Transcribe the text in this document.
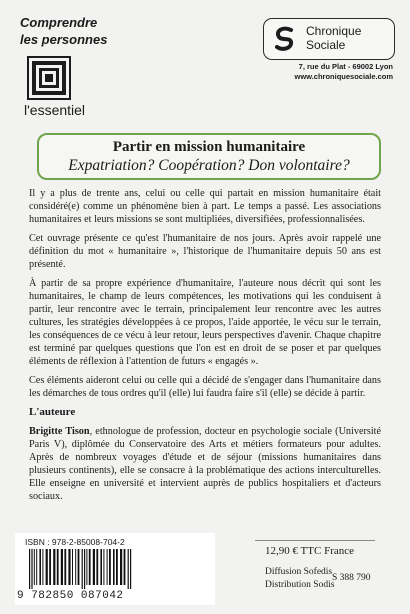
Comprendre
les personnes
l'essentiel
Chronique
Sociale
7, rue du Plat - 69002 Lyon
www.chroniquesociale.com
Partir en mission humanitaire
Expatriation? Coopération? Don volontaire?

Il y a plus de trente ans, celui ou celle qui partait en mission humanitaire était considéré(e) comme un phénomène bien à part. Le temps a passé. Les associations humanitaires et leurs missions se sont multipliées, diversifiées, professionnalisées.

Cet ouvrage présente ce qu'est l'humanitaire de nos jours. Après avoir rappelé une définition du mot « humanitaire », l'historique de l'humanitaire depuis 50 ans est présenté.

À partir de sa propre expérience d'humanitaire, l'auteure nous décrit qui sont les humanitaires, le champ de leurs compétences, les motivations qui les conduisent à partir, leur rencontre avec le terrain, principalement leur rencontre avec les autres cultures, les stratégies développées à ce propos, l'aide apportée, le vécu sur le terrain, les conséquences de ce vécu à leur retour, leurs perspectives d'avenir. Chaque chapitre est terminé par quelques questions que l'on est en droit de se poser et par quelques éléments de réflexion à l'attention de futurs « engagés ».

Ces éléments aideront celui ou celle qui a décidé de s'engager dans l'humanitaire dans les démarches de tous ordres qu'il (elle) lui faudra faire s'il (elle) se décide à partir.

L'auteure

Brigitte Tison, ethnologue de profession, docteur en psychologie sociale (Université Paris V), diplômée du Conservatoire des Arts et métiers formateurs pour adultes. Après de nombreux voyages d'étude et de séjour (missions humanitaires dans plusieurs continents), elle se consacre à la problématique des actions interculturelles. Elle enseigne en université et intervient auprès de publics hospitaliers et d'acteurs sociaux.

ISBN : 978-2-85008-704-2
9 782850 087042
12,90 € TTC France
Diffusion Sofedis
Distribution Sodis
S 388 790
